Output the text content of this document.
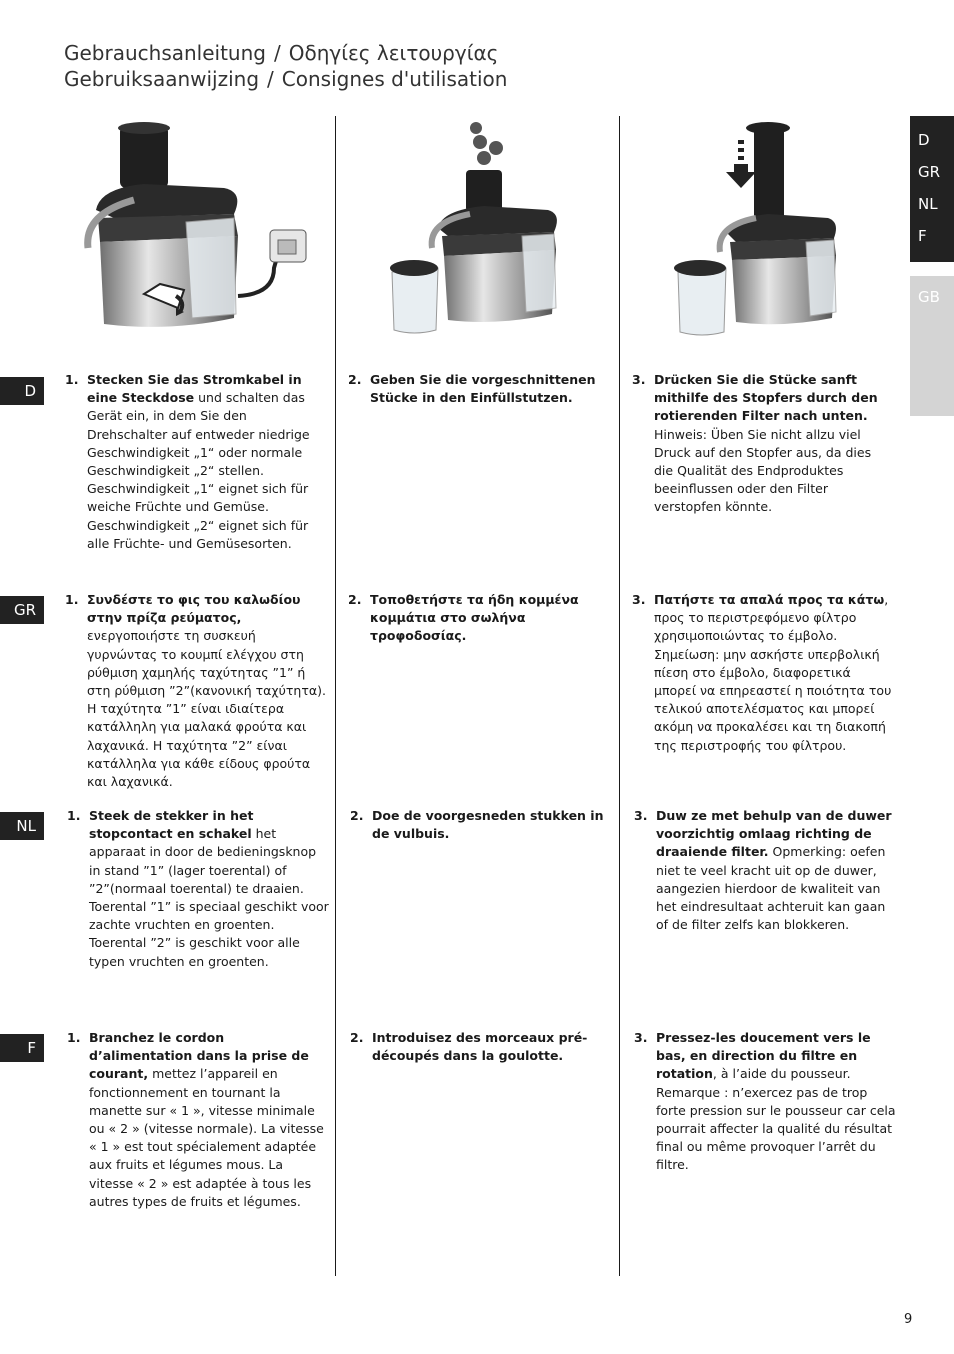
Gebrauchsanleitung / Οδηγίες λειτουργίας
Gebruiksaanwijzing / Consignes d'utilisation
D
GR
NL
F
GB
D
GR
NL
F
1. Stecken Sie das Stromkabel in eine Steckdose und schalten das Gerät ein, in dem Sie den Drehschalter auf entweder niedrige Geschwindigkeit „1“ oder normale Geschwindigkeit „2“ stellen. Geschwindigkeit „1“ eignet sich für weiche Früchte und Gemüse. Geschwindigkeit „2“ eignet sich für alle Früchte- und Gemüsesorten.
2. Geben Sie die vorgeschnittenen Stücke in den Einfüllstutzen.
3. Drücken Sie die Stücke sanft mithilfe des Stopfers durch den rotierenden Filter nach unten. Hinweis: Üben Sie nicht allzu viel Druck auf den Stopfer aus, da dies die Qualität des Endproduktes beeinflussen oder den Filter verstopfen könnte.
1. Συνδέστε το φις του καλωδίου στην πρίζα ρεύματος, ενεργοποιήστε τη συσκευή γυρνώντας το κουμπί ελέγχου στη ρύθμιση χαμηλής ταχύτητας ”1” ή στη ρύθμιση ”2”(κανονική ταχύτητα). Η ταχύτητα ”1” είναι ιδιαίτερα κατάλληλη για μαλακά φρούτα και λαχανικά. Η ταχύτητα ”2” είναι κατάλληλα για κάθε είδους φρούτα και λαχανικά.
2. Τοποθετήστε τα ήδη κομμένα κομμάτια στο σωλήνα τροφοδοσίας.
3. Πατήστε τα απαλά προς τα κάτω, προς το περιστρεφόμενο φίλτρο χρησιμοποιώντας το έμβολο. Σημείωση: μην ασκήστε υπερβολική πίεση στο έμβολο, διαφορετικά μπορεί να επηρεαστεί η ποιότητα του τελικού αποτελέσματος και μπορεί ακόμη να προκαλέσει και τη διακοπή της περιστροφής του φίλτρου.
1. Steek de stekker in het stopcontact en schakel het apparaat in door de bedieningsknop in stand ”1” (lager toerental) of ”2”(normaal toerental) te draaien. Toerental ”1” is speciaal geschikt voor zachte vruchten en groenten. Toerental ”2” is geschikt voor alle typen vruchten en groenten.
2. Doe de voorgesneden stukken in de vulbuis.
3. Duw ze met behulp van de duwer voorzichtig omlaag richting de draaiende filter. Opmerking: oefen niet te veel kracht uit op de duwer, aangezien hierdoor de kwaliteit van het eindresultaat achteruit kan gaan of de filter zelfs kan blokkeren.
1. Branchez le cordon d’alimentation dans la prise de courant, mettez l’appareil en fonctionnement en tournant la manette sur « 1 », vitesse minimale ou « 2 » (vitesse normale). La vitesse « 1 » est tout spécialement adaptée aux fruits et légumes mous. La vitesse « 2 » est adaptée à tous les autres types de fruits et légumes.
2. Introduisez des morceaux pré-découpés dans la goulotte.
3. Pressez-les doucement vers le bas, en direction du filtre en rotation, à l’aide du pousseur. Remarque : n’exercez pas de trop forte pression sur le pousseur car cela pourrait affecter la qualité du résultat final ou même provoquer l’arrêt du filtre.
9
